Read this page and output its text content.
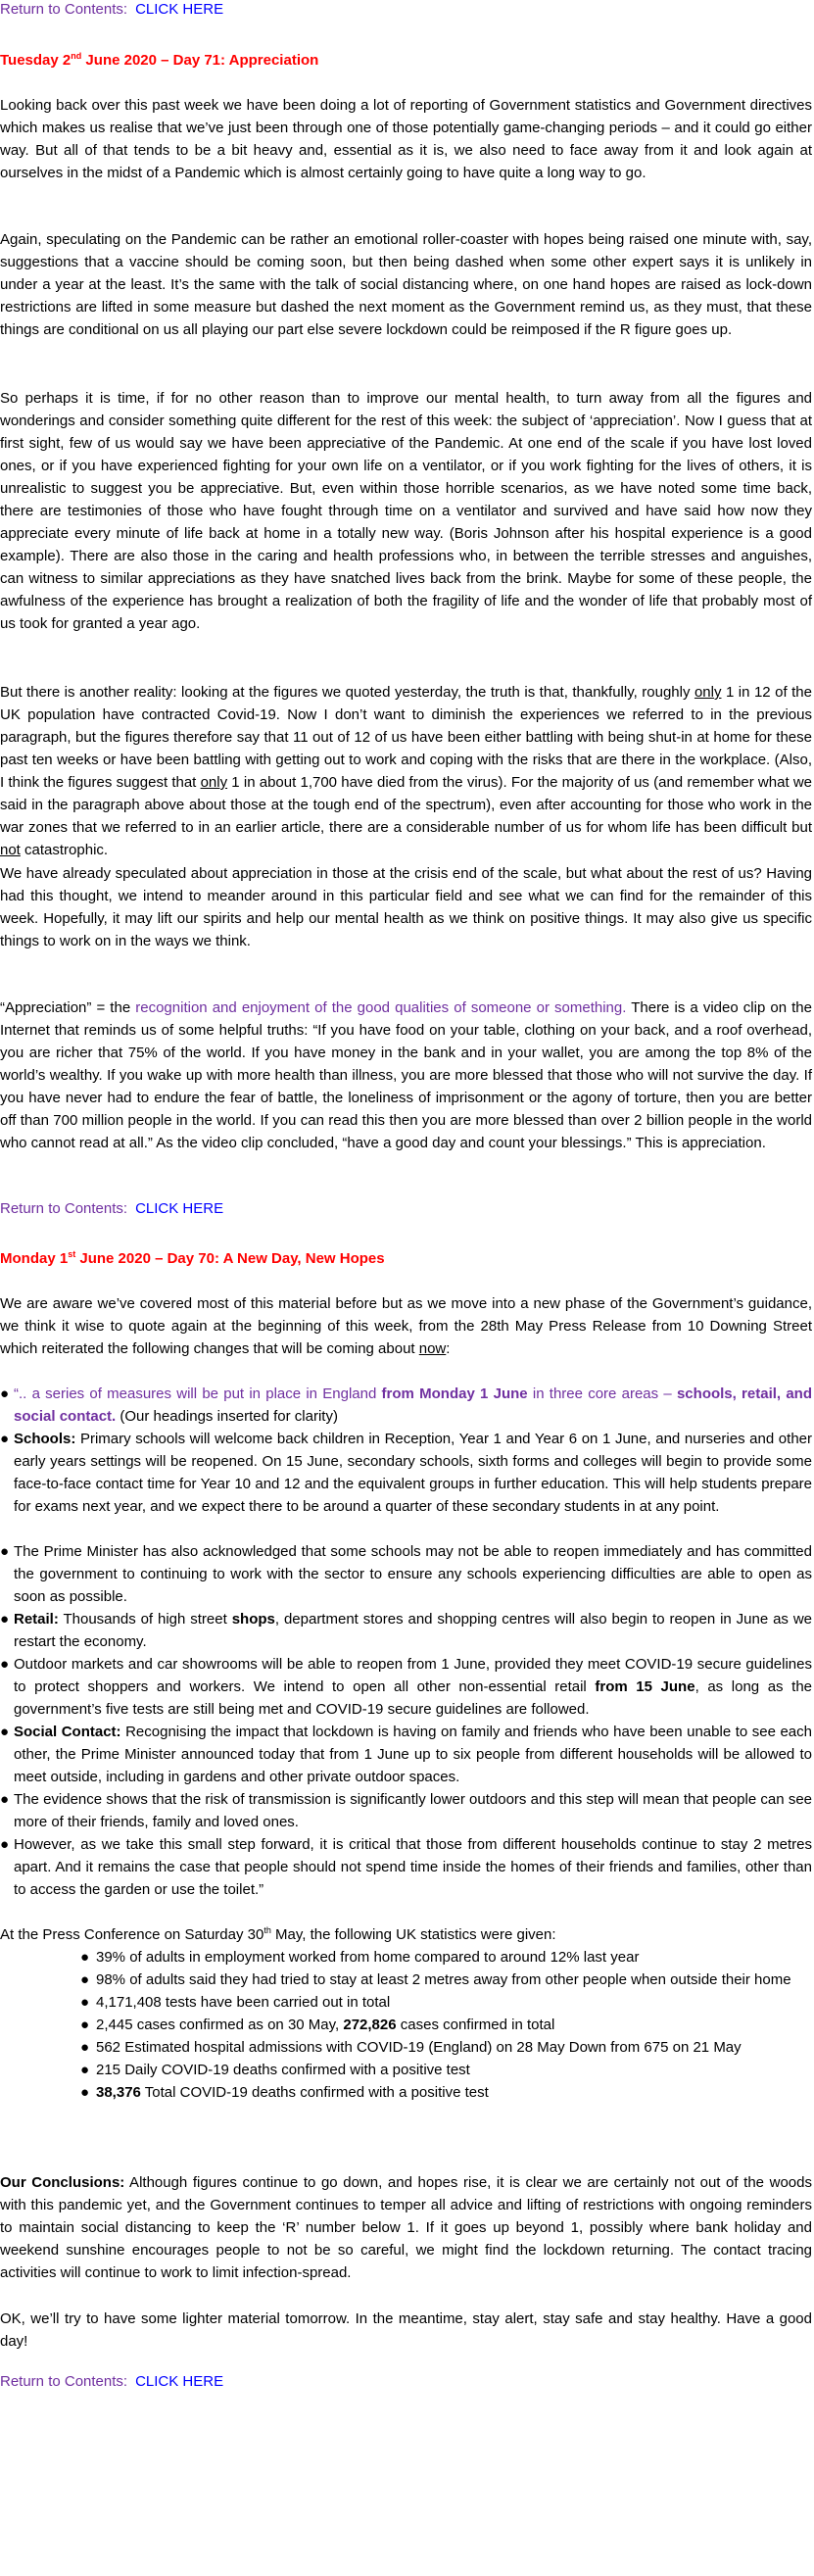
Return to Contents: CLICK HERE
Tuesday 2nd June 2020 – Day 71: Appreciation

Looking back over this past week we have been doing a lot of reporting of Government statistics and Government directives which makes us realise that we’ve just been through one of those potentially game-changing periods – and it could go either way. But all of that tends to be a bit heavy and, essential as it is, we also need to face away from it and look again at ourselves in the midst of a Pandemic which is almost certainly going to have quite a long way to go.

Again, speculating on the Pandemic can be rather an emotional roller-coaster with hopes being raised one minute with, say, suggestions that a vaccine should be coming soon, but then being dashed when some other expert says it is unlikely in under a year at the least. It’s the same with the talk of social distancing where, on one hand hopes are raised as lock-down restrictions are lifted in some measure but dashed the next moment as the Government remind us, as they must, that these things are conditional on us all playing our part else severe lockdown could be reimposed if the R figure goes up.

So perhaps it is time, if for no other reason than to improve our mental health, to turn away from all the figures and wonderings and consider something quite different for the rest of this week: the subject of ‘appreciation’. Now I guess that at first sight, few of us would say we have been appreciative of the Pandemic. At one end of the scale if you have lost loved ones, or if you have experienced fighting for your own life on a ventilator, or if you work fighting for the lives of others, it is unrealistic to suggest you be appreciative. But, even within those horrible scenarios, as we have noted some time back, there are testimonies of those who have fought through time on a ventilator and survived and have said how now they appreciate every minute of life back at home in a totally new way. (Boris Johnson after his hospital experience is a good example). There are also those in the caring and health professions who, in between the terrible stresses and anguishes, can witness to similar appreciations as they have snatched lives back from the brink. Maybe for some of these people, the awfulness of the experience has brought a realization of both the fragility of life and the wonder of life that probably most of us took for granted a year ago.

But there is another reality: looking at the figures we quoted yesterday, the truth is that, thankfully, roughly only 1 in 12 of the UK population have contracted Covid-19. Now I don’t want to diminish the experiences we referred to in the previous paragraph, but the figures therefore say that 11 out of 12 of us have been either battling with being shut-in at home for these past ten weeks or have been battling with getting out to work and coping with the risks that are there in the workplace. (Also, I think the figures suggest that only 1 in about 1,700 have died from the virus). For the majority of us (and remember what we said in the paragraph above about those at the tough end of the spectrum), even after accounting for those who work in the war zones that we referred to in an earlier article, there are a considerable number of us for whom life has been difficult but not catastrophic.

We have already speculated about appreciation in those at the crisis end of the scale, but what about the rest of us? Having had this thought, we intend to meander around in this particular field and see what we can find for the remainder of this week. Hopefully, it may lift our spirits and help our mental health as we think on positive things. It may also give us specific things to work on in the ways we think.

“Appreciation” = the recognition and enjoyment of the good qualities of someone or something. There is a video clip on the Internet that reminds us of some helpful truths: “If you have food on your table, clothing on your back, and a roof overhead, you are richer that 75% of the world. If you have money in the bank and in your wallet, you are among the top 8% of the world’s wealthy. If you wake up with more health than illness, you are more blessed that those who will not survive the day. If you have never had to endure the fear of battle, the loneliness of imprisonment or the agony of torture, then you are better off than 700 million people in the world. If you can read this then you are more blessed than over 2 billion people in the world who cannot read at all.” As the video clip concluded, “have a good day and count your blessings.” This is appreciation.

Return to Contents: CLICK HERE
Monday 1st June 2020 – Day 70: A New Day, New Hopes

We are aware we’ve covered most of this material before but as we move into a new phase of the Government’s guidance, we think it wise to quote again at the beginning of this week, from the 28th May Press Release from 10 Downing Street which reiterated the following changes that will be coming about now:

● “.. a series of measures will be put in place in England from Monday 1 June in three core areas – schools, retail, and social contact. (Our headings inserted for clarity)
● Schools: Primary schools will welcome back children in Reception, Year 1 and Year 6 on 1 June, and nurseries and other early years settings will be reopened. On 15 June, secondary schools, sixth forms and colleges will begin to provide some face-to-face contact time for Year 10 and 12 and the equivalent groups in further education. This will help students prepare for exams next year, and we expect there to be around a quarter of these secondary students in at any point.
● The Prime Minister has also acknowledged that some schools may not be able to reopen immediately and has committed the government to continuing to work with the sector to ensure any schools experiencing difficulties are able to open as soon as possible.
● Retail: Thousands of high street shops, department stores and shopping centres will also begin to reopen in June as we restart the economy.
● Outdoor markets and car showrooms will be able to reopen from 1 June, provided they meet COVID-19 secure guidelines to protect shoppers and workers. We intend to open all other non-essential retail from 15 June, as long as the government’s five tests are still being met and COVID-19 secure guidelines are followed.
● Social Contact: Recognising the impact that lockdown is having on family and friends who have been unable to see each other, the Prime Minister announced today that from 1 June up to six people from different households will be allowed to meet outside, including in gardens and other private outdoor spaces.
● The evidence shows that the risk of transmission is significantly lower outdoors and this step will mean that people can see more of their friends, family and loved ones.
● However, as we take this small step forward, it is critical that those from different households continue to stay 2 metres apart. And it remains the case that people should not spend time inside the homes of their friends and families, other than to access the garden or use the toilet.”

At the Press Conference on Saturday 30th May, the following UK statistics were given:

● 39% of adults in employment worked from home compared to around 12% last year
● 98% of adults said they had tried to stay at least 2 metres away from other people when outside their home
● 4,171,408 tests have been carried out in total
● 2,445 cases confirmed as on 30 May, 272,826 cases confirmed in total
● 562 Estimated hospital admissions with COVID-19 (England) on 28 May Down from 675 on 21 May
● 215 Daily COVID-19 deaths confirmed with a positive test
● 38,376 Total COVID-19 deaths confirmed with a positive test

Our Conclusions: Although figures continue to go down, and hopes rise, it is clear we are certainly not out of the woods with this pandemic yet, and the Government continues to temper all advice and lifting of restrictions with ongoing reminders to maintain social distancing to keep the ‘R’ number below 1. If it goes up beyond 1, possibly where bank holiday and weekend sunshine encourages people to not be so careful, we might find the lockdown returning. The contact tracing activities will continue to work to limit infection-spread.

OK, we’ll try to have some lighter material tomorrow. In the meantime, stay alert, stay safe and stay healthy. Have a good day!

Return to Contents: CLICK HERE
